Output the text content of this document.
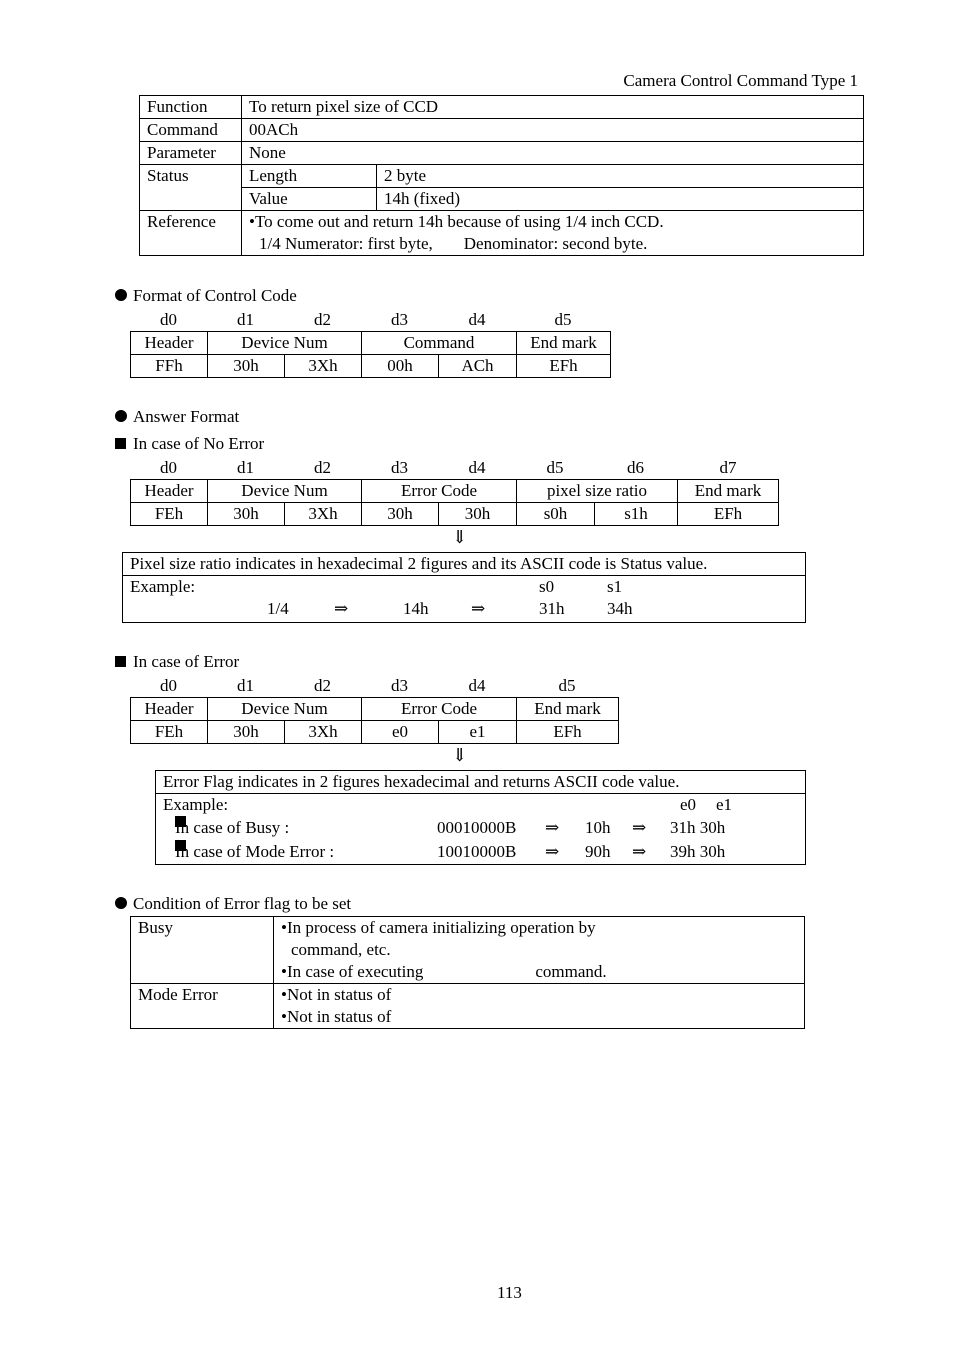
Camera Control Command Type 1
Function	To return pixel size of CCD	
Command	00ACh	
Parameter	None	
Status	Length	2 byte
	Value	14h (fixed)
Reference	•To come out and return 14h because of using 1/4 inch CCD.
1/4 Numerator: first byte, Denominator: second byte.	
Format of Control Code
d0	d1	d2	d3	d4	d5
Header	Device Num		Command		End mark
FFh	30h	3Xh	00h	ACh	EFh
Answer Format
In case of No Error
d0	d1	d2	d3	d4	d5	d6	d7
Header	Device Num		Error Code		pixel size ratio		End mark
FEh	30h	3Xh	30h	30h	s0h	s1h	EFh
⇓
Pixel size ratio indicates in hexadecimal 2 figures and its ASCII code is Status value.
Example:	s0	s1
1/4	⇒	14h	⇒	31h	34h
In case of Error
d0	d1	d2	d3	d4	d5
Header	Device Num		Error Code		End mark
FEh	30h	3Xh	e0	e1	EFh
⇓
Error Flag indicates in 2 figures hexadecimal and returns ASCII code value.
Example:	e0 e1
In case of Busy :	00010000B ⇒ 10h ⇒ 31h 30h
In case of Mode Error :	10010000B ⇒ 90h ⇒ 39h 30h
Condition of Error flag to be set
Busy	•In process of camera initializing operation by
command, etc.
•In case of executing command.

Mode Error	•Not in status of
•Not in status of
113
